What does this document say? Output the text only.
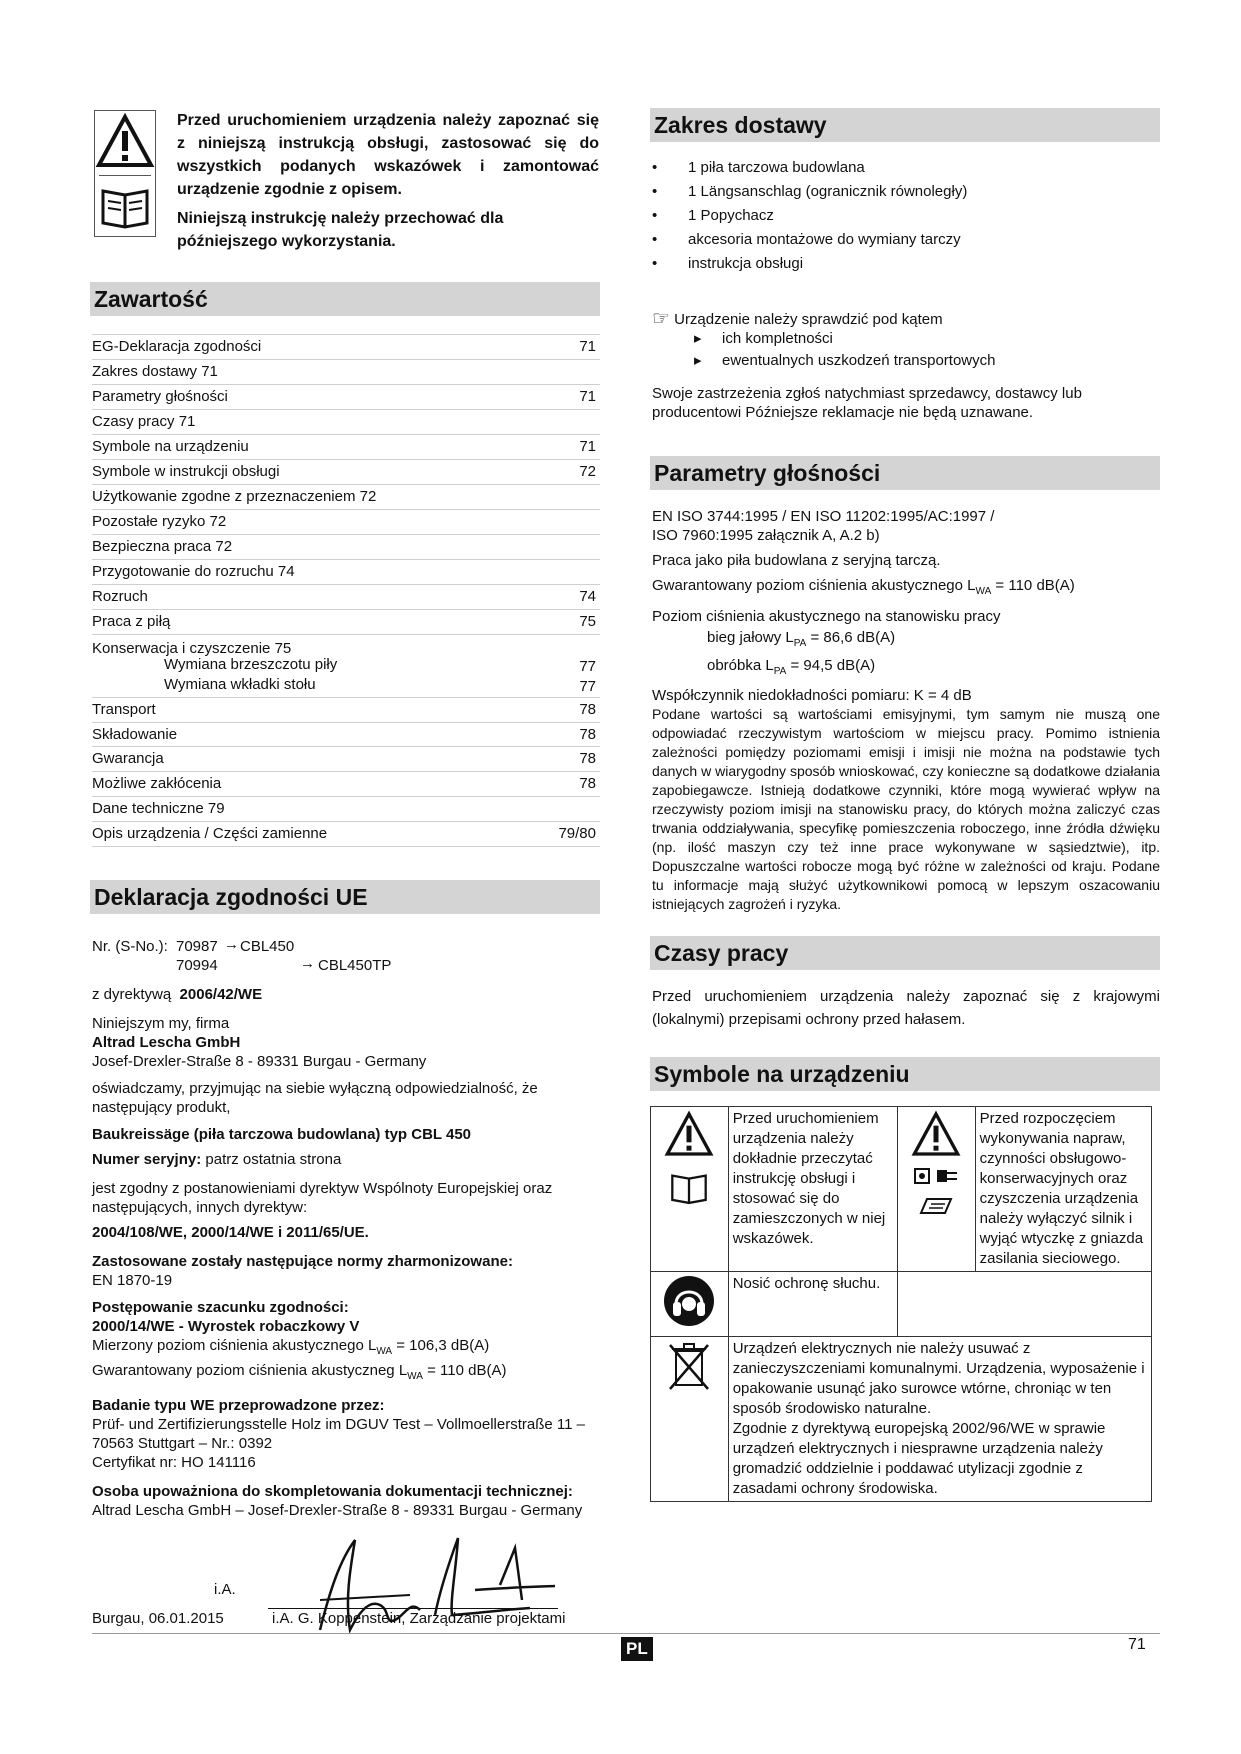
Przed uruchomieniem urządzenia należy zapoznać się z niniejszą instrukcją obsługi, zastosować się do wszystkich podanych wskazówek i zamontować urządzenie zgodnie z opisem.
Niniejszą instrukcję należy przechować dla późniejszego wykorzystania.
Zawartość
EG-Deklaracja zgodności	71
Zakres dostawy 71
Parametry głośności	71
Czasy pracy 71
Symbole na urządzeniu	71
Symbole w instrukcji obsługi	72
Użytkowanie zgodne z przeznaczeniem 72
Pozostałe ryzyko 72
Bezpieczna praca 72
Przygotowanie do rozruchu 74
Rozruch	74
Praca z piłą	75
Konserwacja i czyszczenie 75
Wymiana brzeszczotu piły	77
Wymiana wkładki stołu	77
Transport	78
Składowanie	78
Gwarancja	78
Możliwe zakłócenia	78
Dane techniczne 79
Opis urządzenia / Części zamienne	79/80
Deklaracja zgodności UE
Nr. (S-No.): 70987 → CBL450
70994	→ CBL450TP
z dyrektywą 2006/42/WE
Niniejszym my, firma
Altrad Lescha GmbH
Josef-Drexler-Straße 8 - 89331 Burgau - Germany
oświadczamy, przyjmując na siebie wyłączną odpowiedzialność, że następujący produkt,
Baukreissäge (piła tarczowa budowlana) typ CBL 450
Numer seryjny: patrz ostatnia strona
jest zgodny z postanowieniami dyrektyw Wspólnoty Europejskiej oraz następujących, innych dyrektyw:
2004/108/WE, 2000/14/WE i 2011/65/UE.
Zastosowane zostały następujące normy zharmonizowane:
EN 1870-19
Postępowanie szacunku zgodności:
2000/14/WE - Wyrostek robaczkowy V
Mierzony poziom ciśnienia akustycznego $L_{WA} = 106,3$ dB(A)
Gwarantowany poziom ciśnienia akustyczneg $L_{WA} = 110$ dB(A)
Badanie typu WE przeprowadzone przez:
Prüf- und Zertifizierungsstelle Holz im DGUV Test – Vollmoellerstraße 11 – 70563 Stuttgart – Nr.: 0392
Certyfikat nr: HO 141116
Osoba upoważniona do skompletowania dokumentacji technicznej:
Altrad Lescha GmbH – Josef-Drexler-Straße 8 - 89331 Burgau - Germany
i.A.
Burgau, 06.01.2015	i.A. G. Koppenstein, Zarządzanie projektami
Zakres dostawy
• 1 piła tarczowa budowlana
• 1 Längsanschlag (ogranicznik równoległy)
• 1 Popychacz
• akcesoria montażowe do wymiany tarczy
• instrukcja obsługi
☞ Urządzenie należy sprawdzić pod kątem
▸ ich kompletności
▸ ewentualnych uszkodzeń transportowych
Swoje zastrzeżenia zgłoś natychmiast sprzedawcy, dostawcy lub producentowi Późniejsze reklamacje nie będą uznawane.
Parametry głośności
EN ISO 3744:1995 / EN ISO 11202:1995/AC:1997 / ISO 7960:1995 załącznik A, A.2 b)
Praca jako piła budowlana z seryjną tarczą.
Gwarantowany poziom ciśnienia akustycznego $L_{WA} = 110$ dB(A)
Poziom ciśnienia akustycznego na stanowisku pracy
bieg jałowy $L_{PA} = 86,6$ dB(A)
obróbka $L_{PA} = 94,5$ dB(A)
Współczynnik niedokładności pomiaru: K = 4 dB
Podane wartości są wartościami emisyjnymi, tym samym nie muszą one odpowiadać rzeczywistym wartościom w miejscu pracy. Pomimo istnienia zależności pomiędzy poziomami emisji i imisji nie można na podstawie tych danych w wiarygodny sposób wnioskować, czy konieczne są dodatkowe działania zapobiegawcze. Istnieją dodatkowe czynniki, które mogą wywierać wpływ na rzeczywisty poziom imisji na stanowisku pracy, do których można zaliczyć czas trwania oddziaływania, specyfikę pomieszczenia roboczego, inne źródła dźwięku (np. ilość maszyn czy też inne prace wykonywane w sąsiedztwie), itp. Dopuszczalne wartości robocze mogą być różne w zależności od kraju. Podane tu informacje mają służyć użytkownikowi pomocą w lepszym oszacowaniu istniejących zagrożeń i ryzyka.
Czasy pracy
Przed uruchomieniem urządzenia należy zapoznać się z krajowymi (lokalnymi) przepisami ochrony przed hałasem.
Symbole na urządzeniu
	Przed uruchomieniem urządzenia należy dokładnie przeczytać instrukcję obsługi i stosować się do zamieszczonych w niej wskazówek.		Przed rozpoczęciem wykonywania napraw, czynności obsługowo-konserwacyjnych oraz czyszczenia urządzenia należy wyłączyć silnik i wyjąć wtyczkę z gniazda zasilania sieciowego.
	Nosić ochronę słuchu.		

Urządzeń elektrycznych nie należy usuwać z zanieczyszczeniami komunalnymi. Urządzenia, wyposażenie i opakowanie usunąć jako surowce wtórne, chroniąc w ten sposób środowisko naturalne.
Zgodnie z dyrektywą europejską 2002/96/WE w sprawie urządzeń elektrycznych i niesprawne urządzenia należy gromadzić oddzielnie i poddawać utylizacji zgodnie z zasadami ochrony środowiska.		
PL	71
